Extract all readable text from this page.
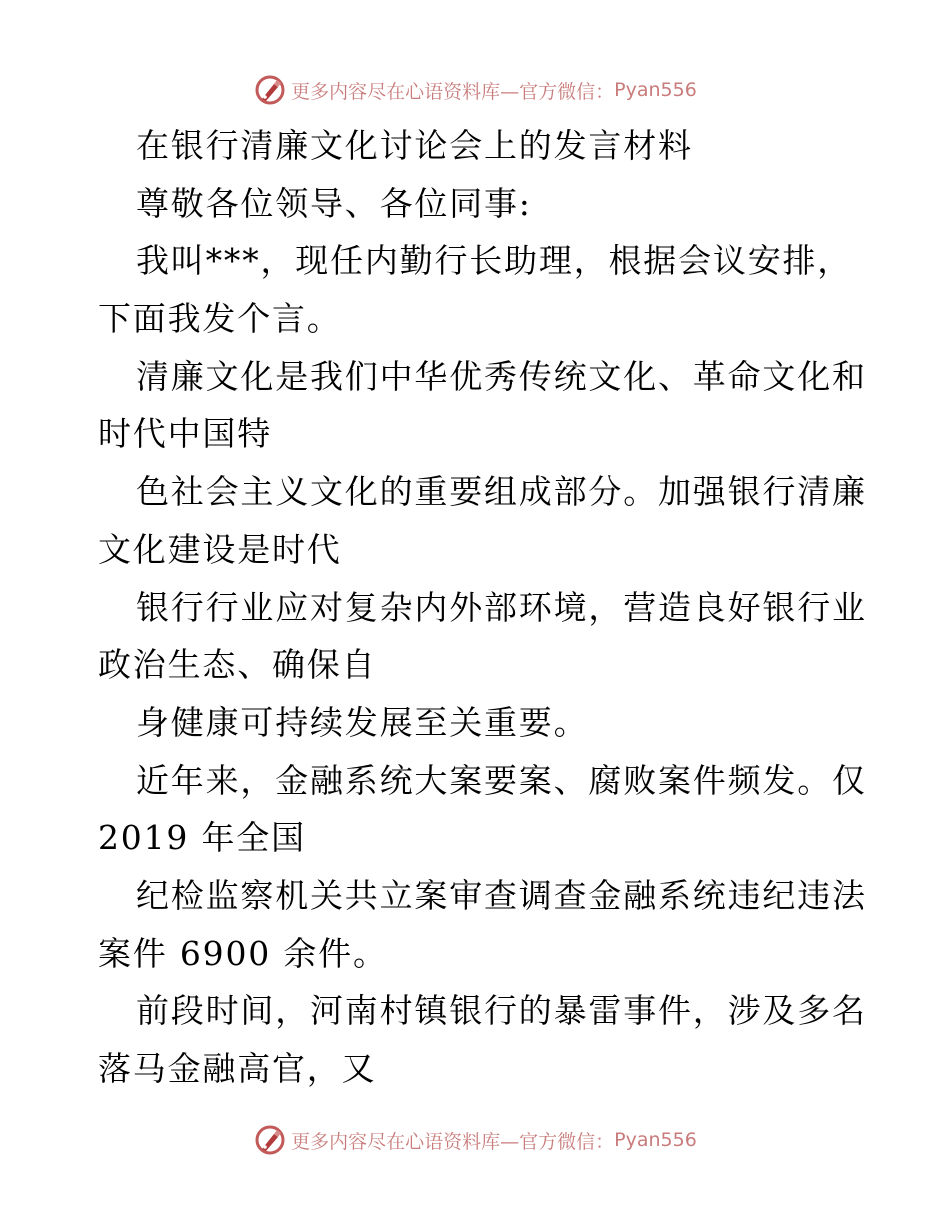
更多内容尽在心语资料库—官方微信： Pyan556
在银行清廉文化讨论会上的发言材料
尊敬各位领导、各位同事:
我叫***，现任内勤行长助理，根据会议安排，
下面我发个言。
清廉文化是我们中华优秀传统文化、革命文化和
时代中国特
色社会主义文化的重要组成部分。加强银行清廉
文化建设是时代
银行行业应对复杂内外部环境，营造良好银行业
政治生态、确保自
身健康可持续发展至关重要。
近年来，金融系统大案要案、腐败案件频发。仅
2019 年全国
纪检监察机关共立案审查调查金融系统违纪违法
案件 6900 余件。
前段时间，河南村镇银行的暴雷事件，涉及多名
落马金融高官，又
更多内容尽在心语资料库—官方微信： Pyan556
